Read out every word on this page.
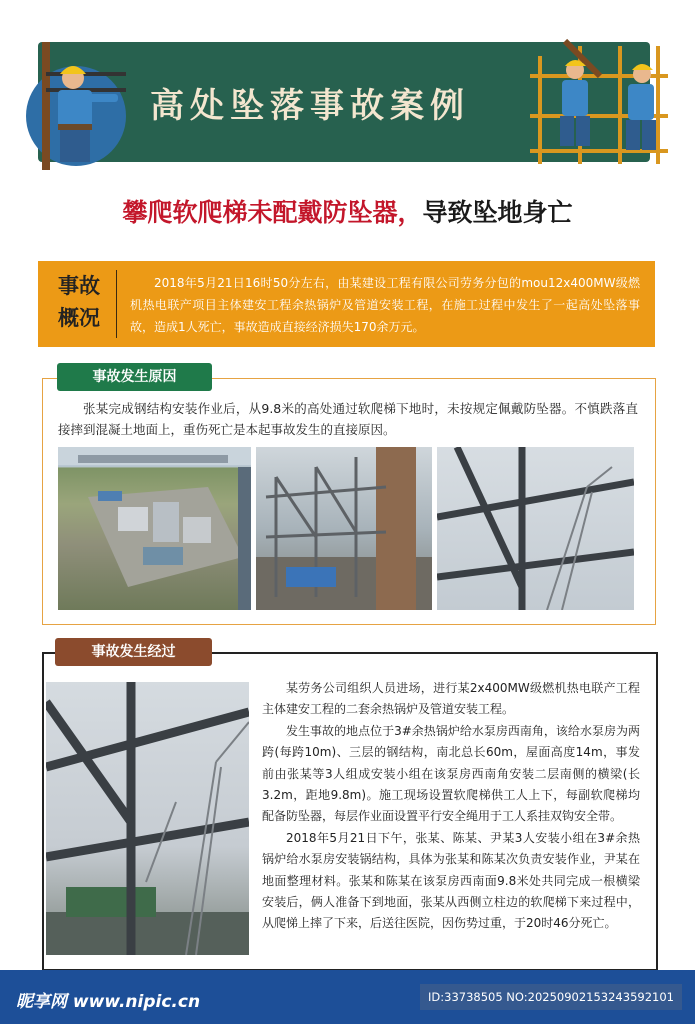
高处坠落事故案例
攀爬软爬梯未配戴防坠器，导致坠地身亡
事故
概况
2018年5月21日16时50分左右，由某建设工程有限公司劳务分包的mou12x400MW级燃机热电联产项目主体建安工程余热锅炉及管道安装工程，在施工过程中发生了一起高处坠落事故，造成1人死亡，事故造成直接经济损失170余万元。
事故发生原因
张某完成钢结构安装作业后，从9.8米的高处通过软爬梯下地时，未按规定佩戴防坠器。不慎跌落直接摔到混凝土地面上，重伤死亡是本起事故发生的直接原因。
事故发生经过

某劳务公司组织人员进场，进行某2x400MW级燃机热电联产工程主体建安工程的二套余热锅炉及管道安装工程。

发生事故的地点位于3#余热锅炉给水泵房西南角，该给水泵房为两跨(每跨10m)、三层的钢结构，南北总长60m，屋面高度14m，事发前由张某等3人组成安装小组在该泵房西南角安装二层南侧的横梁(长3.2m，距地9.8m)。施工现场设置软爬梯供工人上下，每副软爬梯均配备防坠器，每层作业面设置平行安全绳用于工人系挂双钩安全带。

2018年5月21日下午，张某、陈某、尹某3人安装小组在3#余热锅炉给水泵房安装锅结构，具体为张某和陈某次负责安装作业，尹某在地面整理材料。张某和陈某在该泵房西南面9.8米处共同完成一根横梁安装后，俩人准备下到地面，张某从西侧立柱边的软爬梯下来过程中，从爬悌上摔了下来，后送往医院，因伤势过重，于20时46分死亡。

昵享网 www.nipic.cn	ID:33738505 NO:20250902153243592101
